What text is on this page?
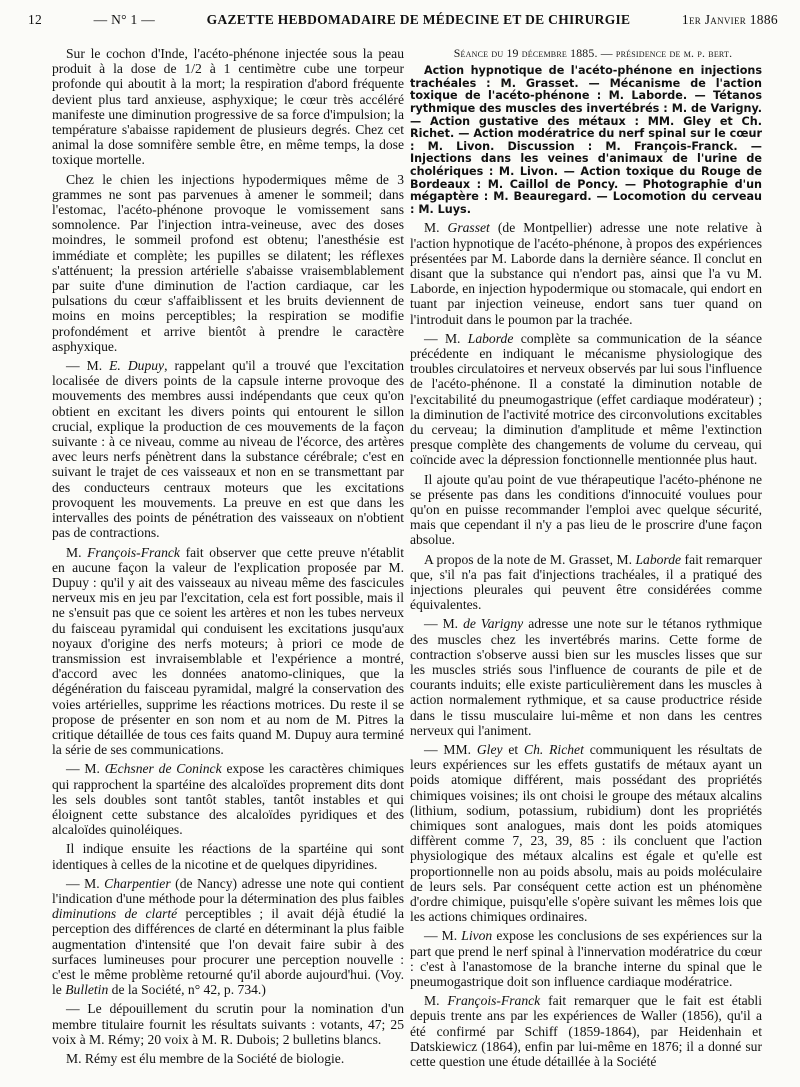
12	— N° 1 —	GAZETTE HEBDOMADAIRE DE MÉDECINE ET DE CHIRURGIE	1er Janvier 1886

Sur le cochon d'Inde, l'acéto-phénone injectée sous la peau produit à la dose de 1/2 à 1 centimètre cube une torpeur profonde qui aboutit à la mort; la respiration d'abord fréquente devient plus tard anxieuse, asphyxique; le cœur très accéléré manifeste une diminution progressive de sa force d'impulsion; la température s'abaisse rapidement de plusieurs degrés. Chez cet animal la dose somnifère semble être, en même temps, la dose toxique mortelle.

Chez le chien les injections hypodermiques même de 3 grammes ne sont pas parvenues à amener le sommeil; dans l'estomac, l'acéto-phénone provoque le vomissement sans somnolence. Par l'injection intra-veineuse, avec des doses moindres, le sommeil profond est obtenu; l'anesthésie est immédiate et complète; les pupilles se dilatent; les réflexes s'atténuent; la pression artérielle s'abaisse vraisemblablement par suite d'une diminution de l'action cardiaque, car les pulsations du cœur s'affaiblissent et les bruits deviennent de moins en moins perceptibles; la respiration se modifie profondément et arrive bientôt à prendre le caractère asphyxique.

— M. E. Dupuy, rappelant qu'il a trouvé que l'excitation localisée de divers points de la capsule interne provoque des mouvements des membres aussi indépendants que ceux qu'on obtient en excitant les divers points qui entourent le sillon crucial, explique la production de ces mouvements de la façon suivante : à ce niveau, comme au niveau de l'écorce, des artères avec leurs nerfs pénètrent dans la substance cérébrale; c'est en suivant le trajet de ces vaisseaux et non en se transmettant par des conducteurs centraux moteurs que les excitations provoquent les mouvements. La preuve en est que dans les intervalles des points de pénétration des vaisseaux on n'obtient pas de contractions.

M. François-Franck fait observer que cette preuve n'établit en aucune façon la valeur de l'explication proposée par M. Dupuy : qu'il y ait des vaisseaux au niveau même des fascicules nerveux mis en jeu par l'excitation, cela est fort possible, mais il ne s'ensuit pas que ce soient les artères et non les tubes nerveux du faisceau pyramidal qui conduisent les excitations jusqu'aux noyaux d'origine des nerfs moteurs; à priori ce mode de transmission est invraisemblable et l'expérience a montré, d'accord avec les données anatomo-cliniques, que la dégénération du faisceau pyramidal, malgré la conservation des voies artérielles, supprime les réactions motrices. Du reste il se propose de présenter en son nom et au nom de M. Pitres la critique détaillée de tous ces faits quand M. Dupuy aura terminé la série de ses communications.

— M. Œchsner de Coninck expose les caractères chimiques qui rapprochent la spartéine des alcaloïdes proprement dits dont les sels doubles sont tantôt stables, tantôt instables et qui éloignent cette substance des alcaloïdes pyridiques et des alcaloïdes quinoléiques.

Il indique ensuite les réactions de la spartéine qui sont identiques à celles de la nicotine et de quelques dipyridines.

— M. Charpentier (de Nancy) adresse une note qui contient l'indication d'une méthode pour la détermination des plus faibles diminutions de clarté perceptibles ; il avait déjà étudié la perception des différences de clarté en déterminant la plus faible augmentation d'intensité que l'on devait faire subir à des surfaces lumineuses pour procurer une perception nouvelle : c'est le même problème retourné qu'il aborde aujourd'hui. (Voy. le Bulletin de la Société, n° 42, p. 734.)

— Le dépouillement du scrutin pour la nomination d'un membre titulaire fournit les résultats suivants : votants, 47; 25 voix à M. Rémy; 20 voix à M. R. Dubois; 2 bulletins blancs.

M. Rémy est élu membre de la Société de biologie.

Séance du 19 décembre 1885. — présidence de m. p. bert.

Action hypnotique de l'acéto-phénone en injections trachéales : M. Grasset. — Mécanisme de l'action toxique de l'acéto-phénone : M. Laborde. — Tétanos rythmique des muscles des invertébrés : M. de Varigny. — Action gustative des métaux : MM. Gley et Ch. Richet. — Action modératrice du nerf spinal sur le cœur : M. Livon. Discussion : M. François-Franck. — Injections dans les veines d'animaux de l'urine de cholériques : M. Livon. — Action toxique du Rouge de Bordeaux : M. Caillol de Poncy. — Photographie d'un mégaptère : M. Beauregard. — Locomotion du cerveau : M. Luys.

M. Grasset (de Montpellier) adresse une note relative à l'action hypnotique de l'acéto-phénone, à propos des expériences présentées par M. Laborde dans la dernière séance. Il conclut en disant que la substance qui n'endort pas, ainsi que l'a vu M. Laborde, en injection hypodermique ou stomacale, qui endort en tuant par injection veineuse, endort sans tuer quand on l'introduit dans le poumon par la trachée.

— M. Laborde complète sa communication de la séance précédente en indiquant le mécanisme physiologique des troubles circulatoires et nerveux observés par lui sous l'influence de l'acéto-phénone. Il a constaté la diminution notable de l'excitabilité du pneumogastrique (effet cardiaque modérateur) ; la diminution de l'activité motrice des circonvolutions excitables du cerveau; la diminution d'amplitude et même l'extinction presque complète des changements de volume du cerveau, qui coïncide avec la dépression fonctionnelle mentionnée plus haut.

Il ajoute qu'au point de vue thérapeutique l'acéto-phénone ne se présente pas dans les conditions d'innocuité voulues pour qu'on en puisse recommander l'emploi avec quelque sécurité, mais que cependant il n'y a pas lieu de le proscrire d'une façon absolue.

A propos de la note de M. Grasset, M. Laborde fait remarquer que, s'il n'a pas fait d'injections trachéales, il a pratiqué des injections pleurales qui peuvent être considérées comme équivalentes.

— M. de Varigny adresse une note sur le tétanos rythmique des muscles chez les invertébrés marins. Cette forme de contraction s'observe aussi bien sur les muscles lisses que sur les muscles striés sous l'influence de courants de pile et de courants induits; elle existe particulièrement dans les muscles à action normalement rythmique, et sa cause productrice réside dans le tissu musculaire lui-même et non dans les centres nerveux qui l'animent.

— MM. Gley et Ch. Richet communiquent les résultats de leurs expériences sur les effets gustatifs de métaux ayant un poids atomique différent, mais possédant des propriétés chimiques voisines; ils ont choisi le groupe des métaux alcalins (lithium, sodium, potassium, rubidium) dont les propriétés chimiques sont analogues, mais dont les poids atomiques diffèrent comme 7, 23, 39, 85 : ils concluent que l'action physiologique des métaux alcalins est égale et qu'elle est proportionnelle non au poids absolu, mais au poids moléculaire de leurs sels. Par conséquent cette action est un phénomène d'ordre chimique, puisqu'elle s'opère suivant les mêmes lois que les actions chimiques ordinaires.

— M. Livon expose les conclusions de ses expériences sur la part que prend le nerf spinal à l'innervation modératrice du cœur : c'est à l'anastomose de la branche interne du spinal que le pneumogastrique doit son influence cardiaque modératrice.

M. François-Franck fait remarquer que le fait est établi depuis trente ans par les expériences de Waller (1856), qu'il a été confirmé par Schiff (1859-1864), par Heidenhain et Datskiewicz (1864), enfin par lui-même en 1876; il a donné sur cette question une étude détaillée à la Société
